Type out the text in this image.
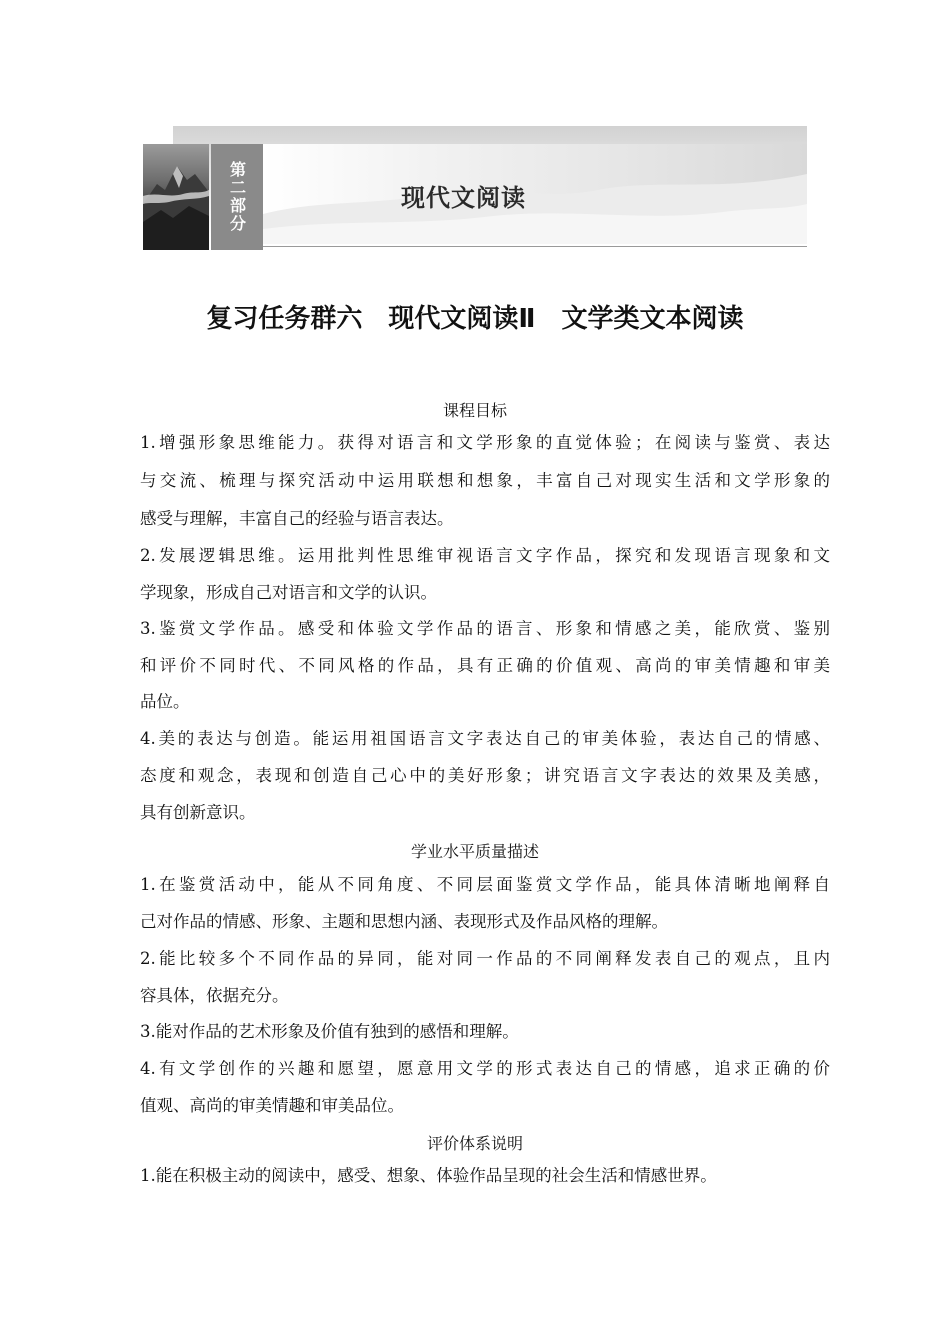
第二部分	现代文阅读
复习任务群六　现代文阅读Ⅱ　文学类文本阅读
课程目标
1.增强形象思维能力。获得对语言和文学形象的直觉体验；在阅读与鉴赏、表达
与交流、梳理与探究活动中运用联想和想象，丰富自己对现实生活和文学形象的
感受与理解，丰富自己的经验与语言表达。
2.发展逻辑思维。运用批判性思维审视语言文字作品，探究和发现语言现象和文
学现象，形成自己对语言和文学的认识。
3.鉴赏文学作品。感受和体验文学作品的语言、形象和情感之美，能欣赏、鉴别
和评价不同时代、不同风格的作品，具有正确的价值观、高尚的审美情趣和审美
品位。
4.美的表达与创造。能运用祖国语言文字表达自己的审美体验，表达自己的情感、
态度和观念，表现和创造自己心中的美好形象；讲究语言文字表达的效果及美感，
具有创新意识。
学业水平质量描述
1.在鉴赏活动中，能从不同角度、不同层面鉴赏文学作品，能具体清晰地阐释自
己对作品的情感、形象、主题和思想内涵、表现形式及作品风格的理解。
2.能比较多个不同作品的异同，能对同一作品的不同阐释发表自己的观点，且内
容具体，依据充分。
3.能对作品的艺术形象及价值有独到的感悟和理解。
4.有文学创作的兴趣和愿望，愿意用文学的形式表达自己的情感，追求正确的价
值观、高尚的审美情趣和审美品位。
评价体系说明
1.能在积极主动的阅读中，感受、想象、体验作品呈现的社会生活和情感世界。
